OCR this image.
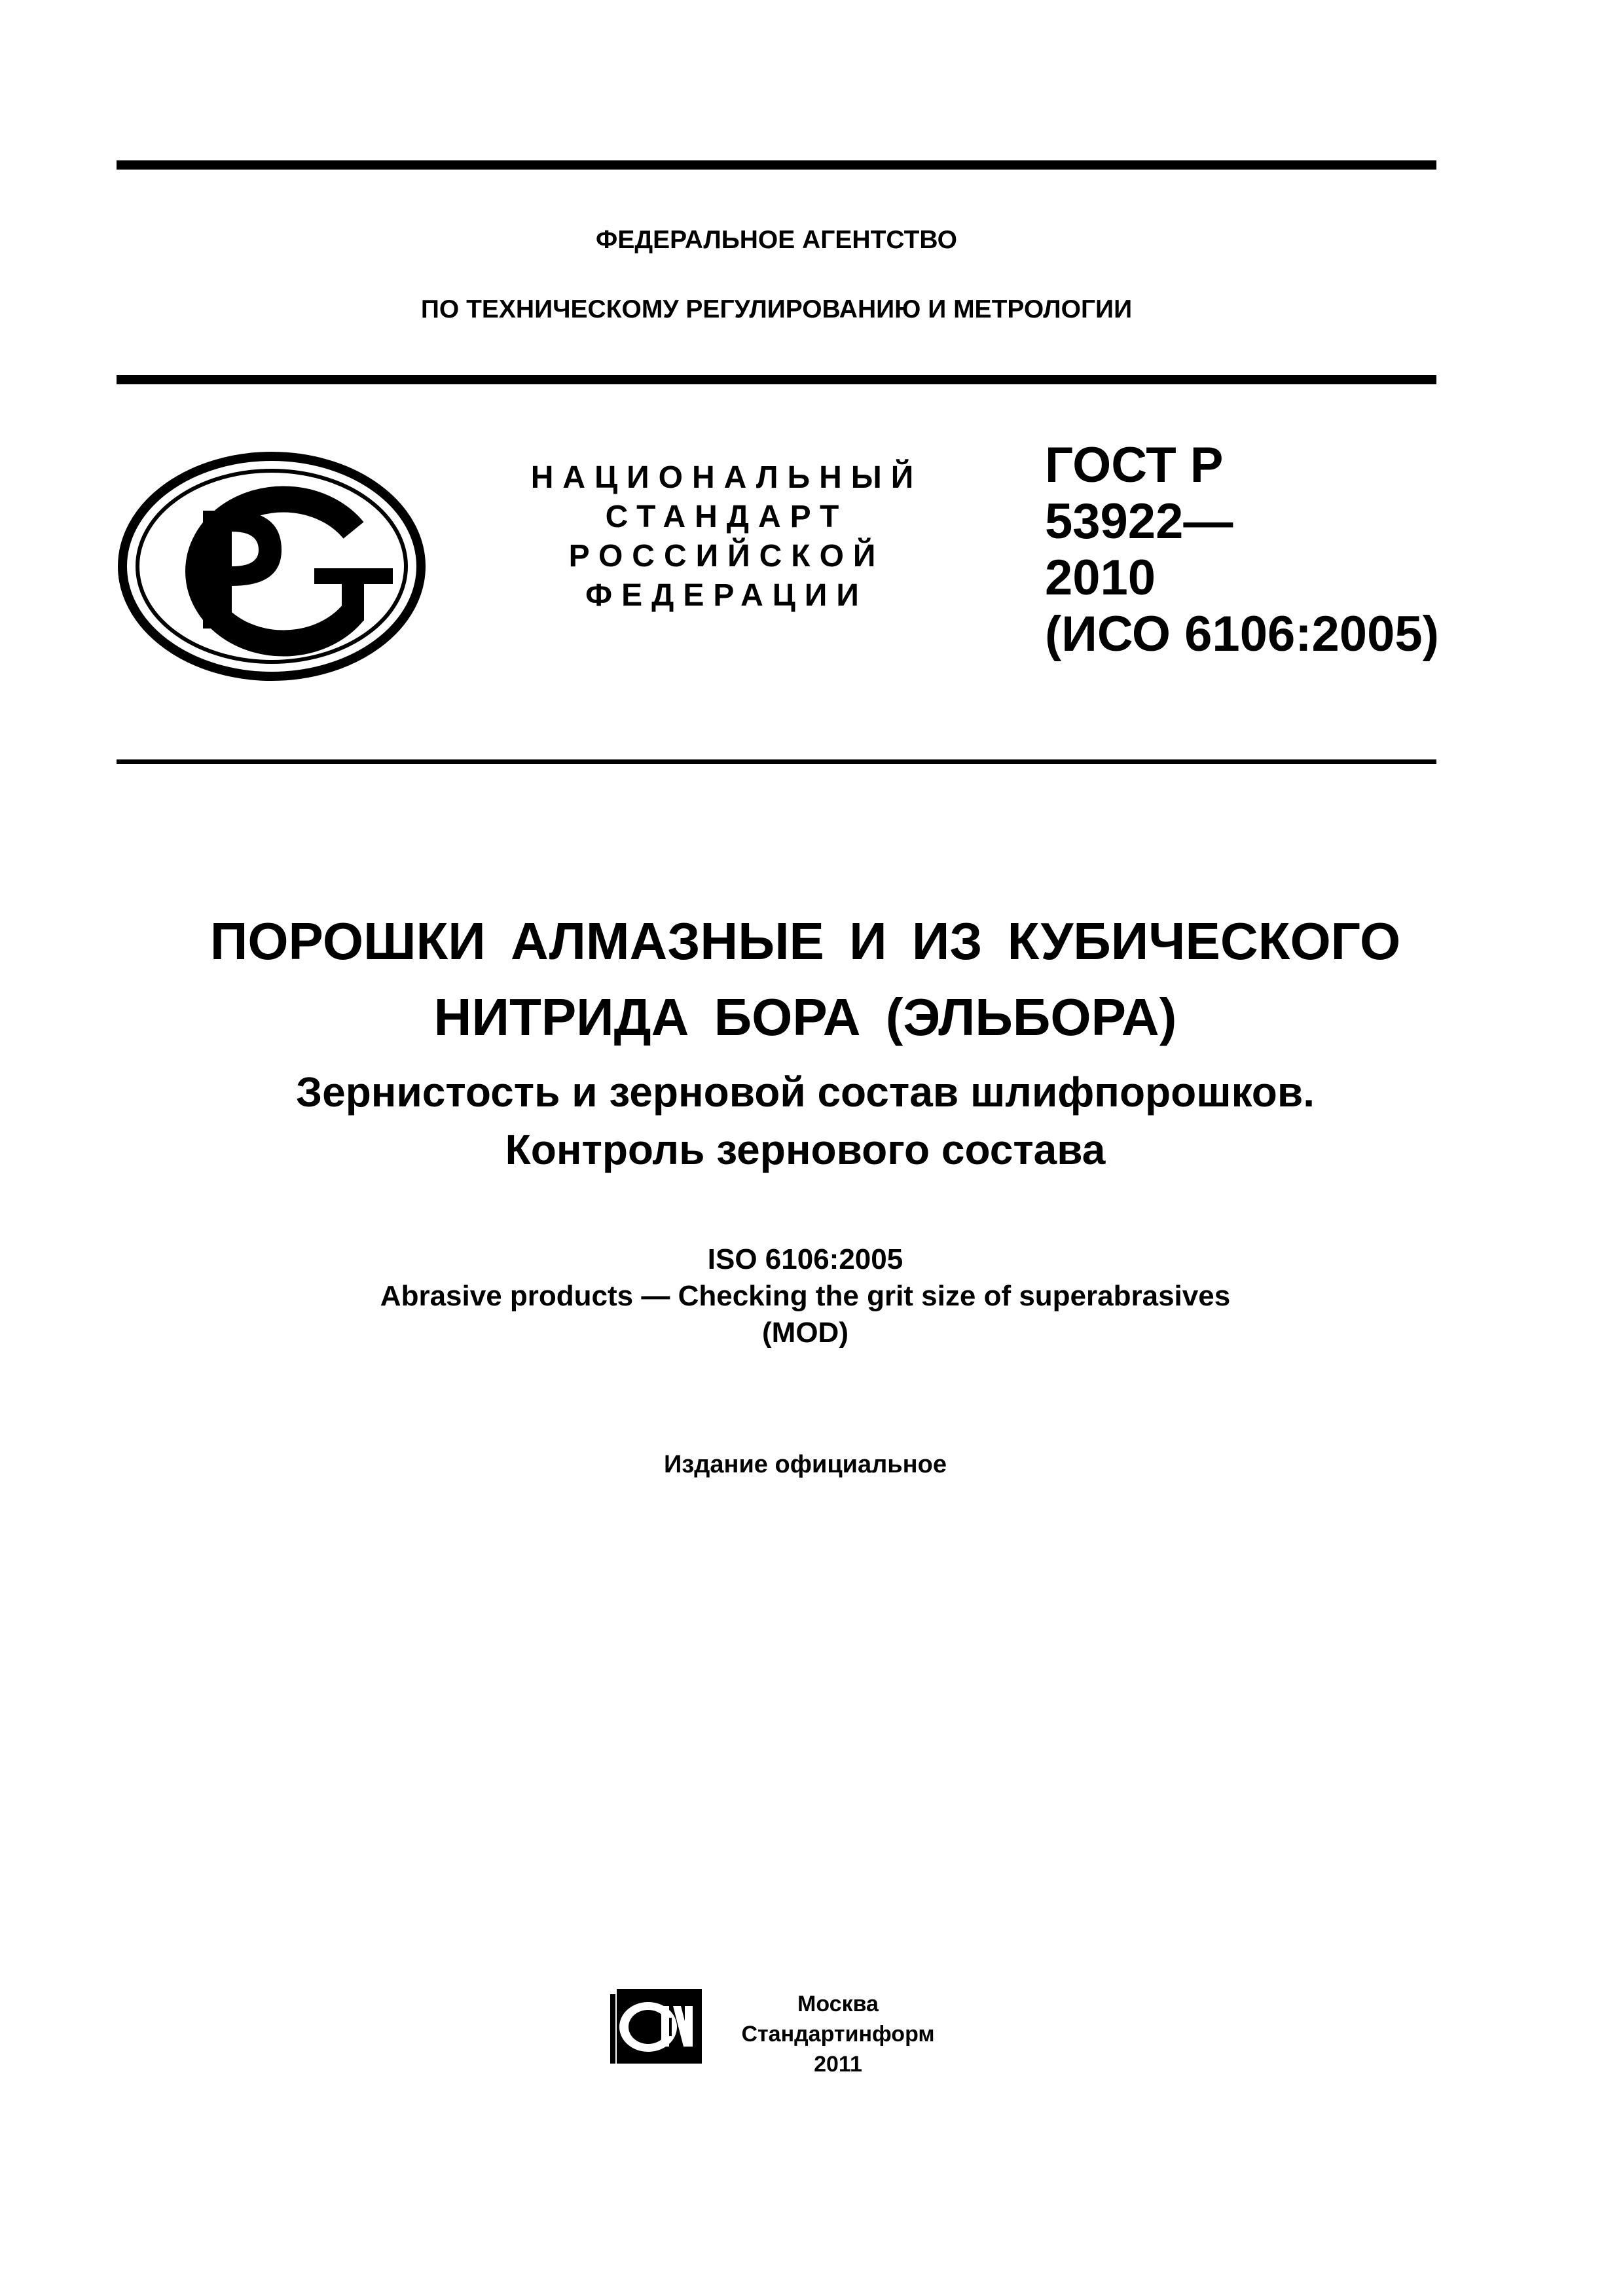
ФЕДЕРАЛЬНОЕ АГЕНТСТВО
ПО ТЕХНИЧЕСКОМУ РЕГУЛИРОВАНИЮ И МЕТРОЛОГИИ
НАЦИОНАЛЬНЫЙ
СТАНДАРТ
РОССИЙСКОЙ
ФЕДЕРАЦИИ
ГОСТ Р
53922—
2010
(ИСО 6106:2005)
ПОРОШКИ АЛМАЗНЫЕ И ИЗ КУБИЧЕСКОГО
НИТРИДА БОРА (ЭЛЬБОРА)
Зернистость и зерновой состав шлифпорошков.
Контроль зернового состава
ISO 6106:2005
Abrasive products — Checking the grit size of superabrasives
(MOD)
Издание официальное
Москва
Стандартинформ
2011
